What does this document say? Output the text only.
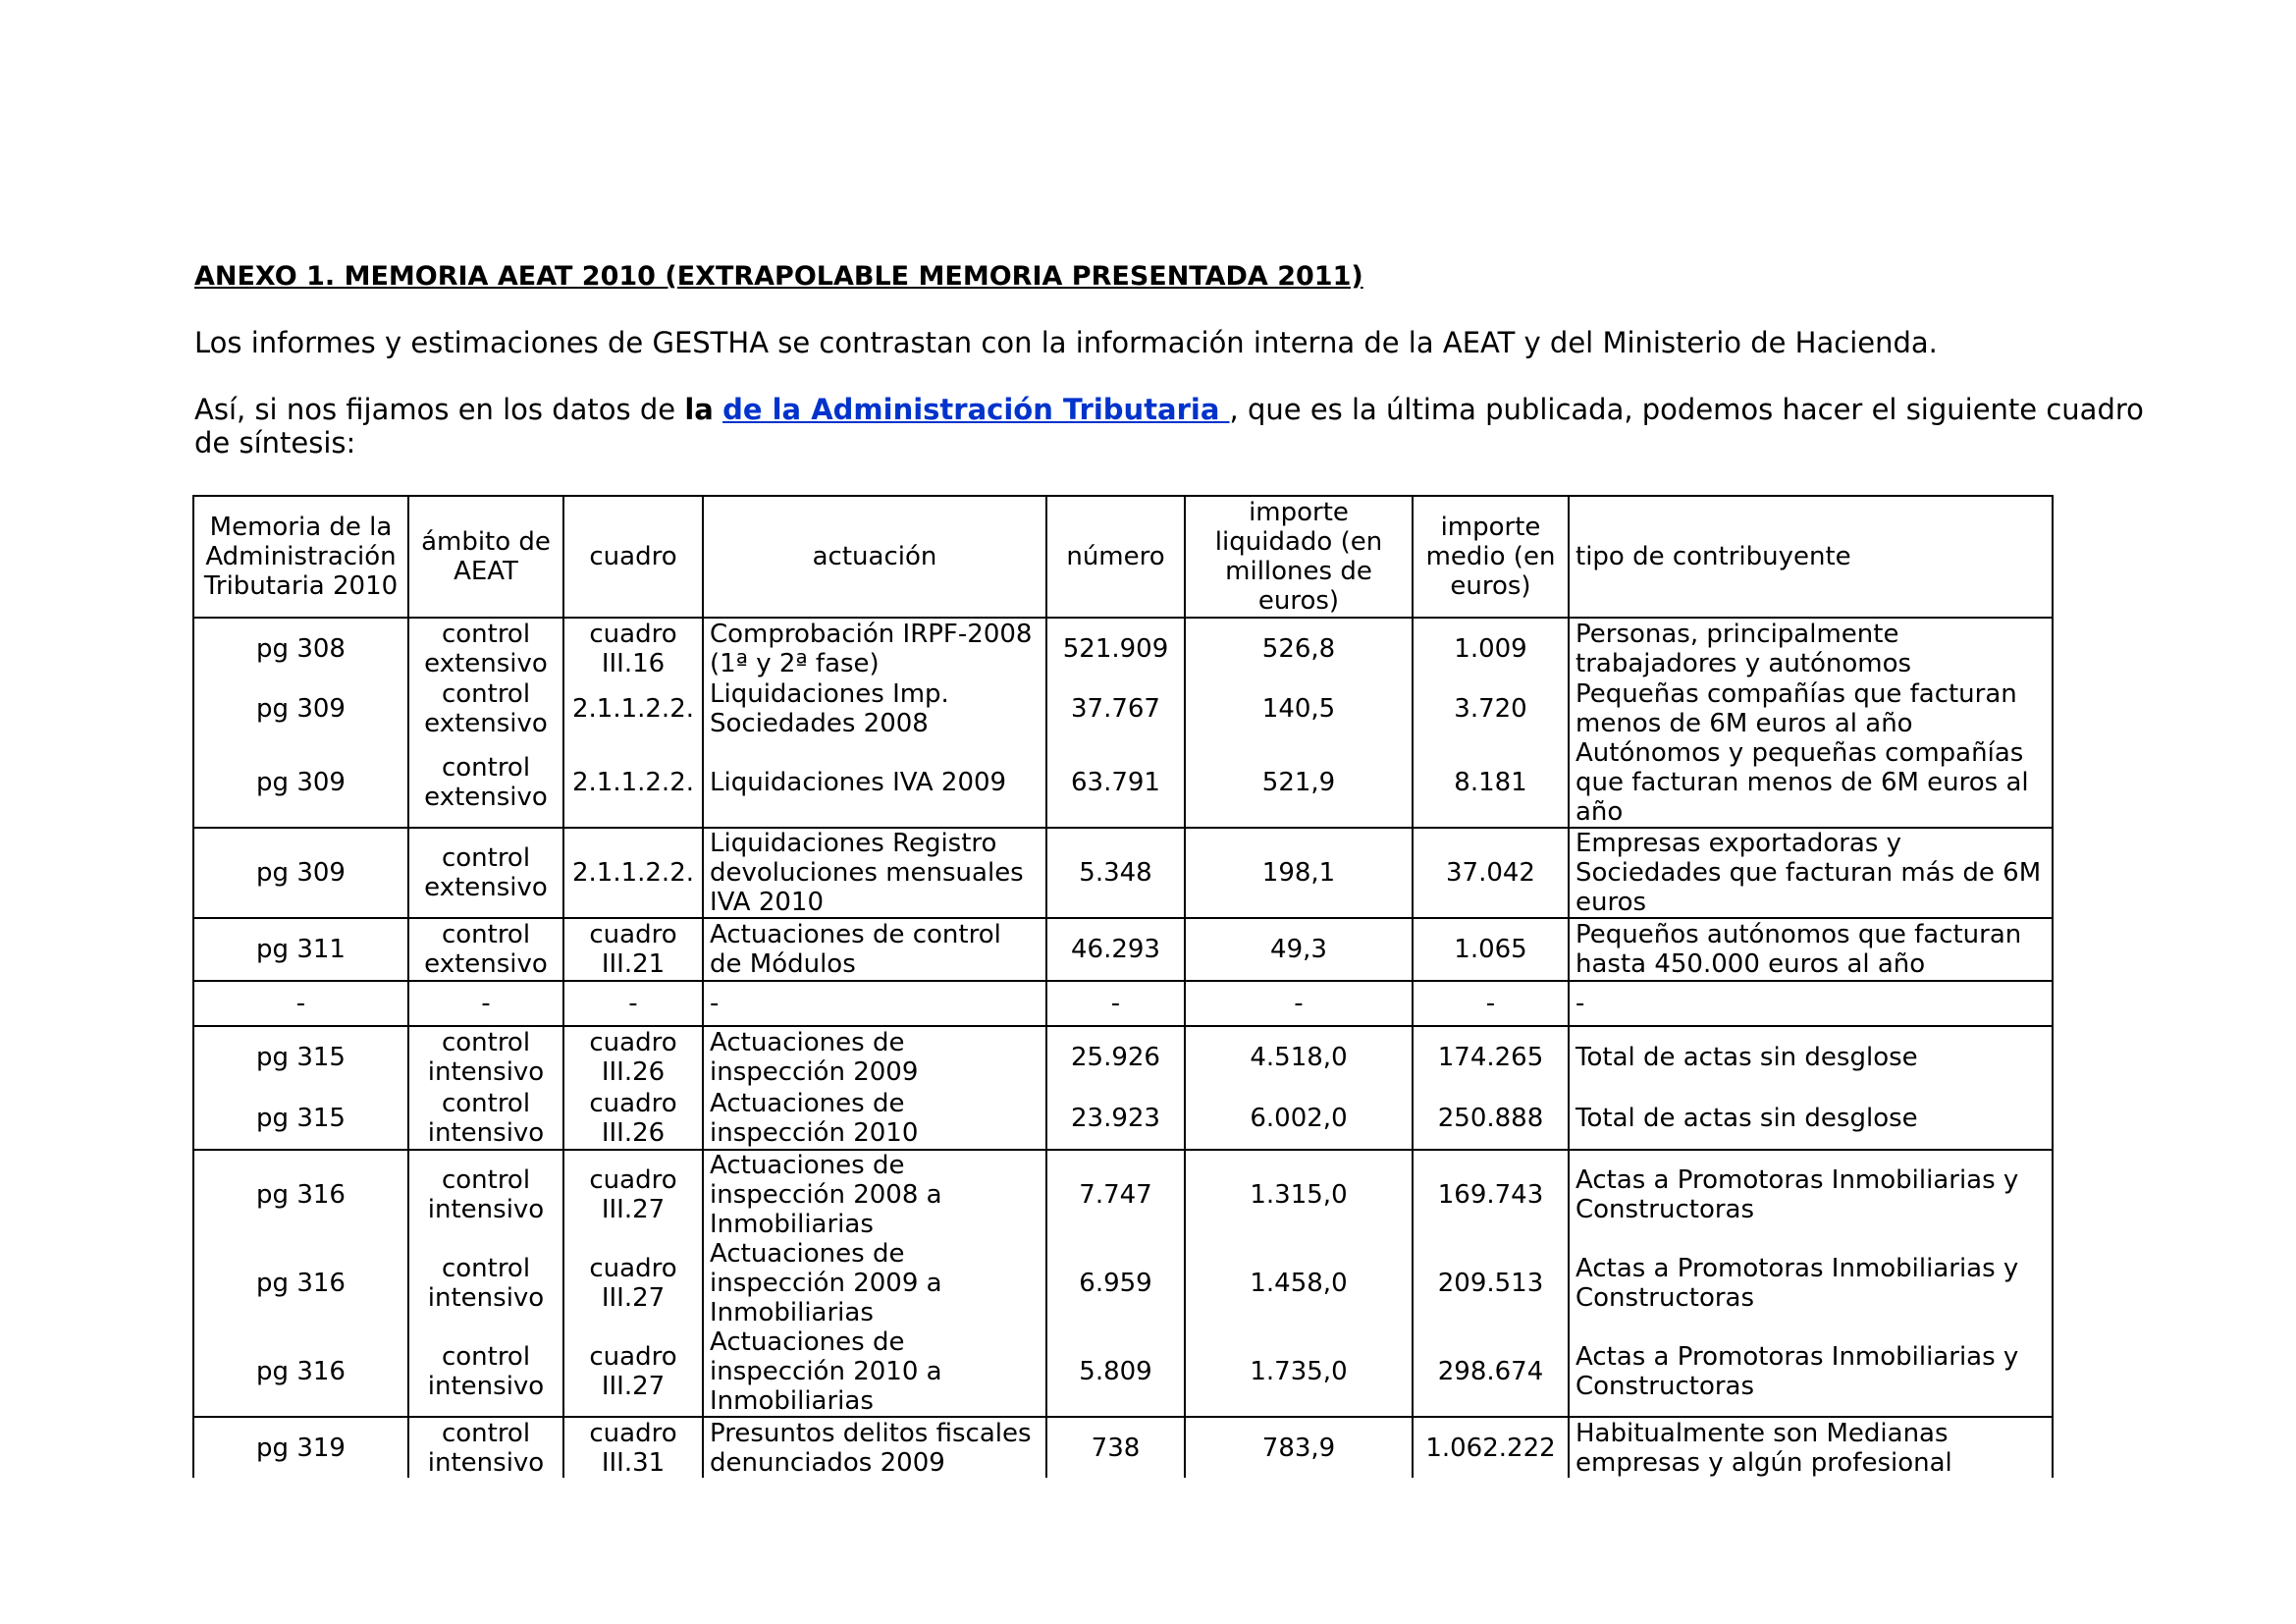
ANEXO 1. MEMORIA AEAT 2010 (EXTRAPOLABLE MEMORIA PRESENTADA 2011)
Los informes y estimaciones de GESTHA se contrastan con la información interna de la AEAT y del Ministerio de Hacienda.
Así, si nos fijamos en los datos de la de la Administración Tributaria , que es la última publicada, podemos hacer el siguiente cuadro de síntesis:
Memoria de la Administración Tributaria 2010	ámbito de AEAT	cuadro	actuación	número	importe liquidado (en millones de euros)	importe medio (en euros)	tipo de contribuyente
pg 308	control extensivo	cuadro III.16	Comprobación IRPF-2008 (1ª y 2ª fase)	521.909	526,8	1.009	Personas, principalmente trabajadores y autónomos
pg 309	control extensivo	2.1.1.2.2.	Liquidaciones Imp. Sociedades 2008	37.767	140,5	3.720	Pequeñas compañías que facturan menos de 6M euros al año
pg 309	control extensivo	2.1.1.2.2.	Liquidaciones IVA 2009	63.791	521,9	8.181	Autónomos y pequeñas compañías que facturan menos de 6M euros al año
pg 309	control extensivo	2.1.1.2.2.	Liquidaciones Registro devoluciones mensuales IVA 2010	5.348	198,1	37.042	Empresas exportadoras y Sociedades que facturan más de 6M euros
pg 311	control extensivo	cuadro III.21	Actuaciones de control de Módulos	46.293	49,3	1.065	Pequeños autónomos que facturan hasta 450.000 euros al año
-	-	-	-	-	-	-	-
pg 315	control intensivo	cuadro III.26	Actuaciones de inspección 2009	25.926	4.518,0	174.265	Total de actas sin desglose
pg 315	control intensivo	cuadro III.26	Actuaciones de inspección 2010	23.923	6.002,0	250.888	Total de actas sin desglose
pg 316	control intensivo	cuadro III.27	Actuaciones de inspección 2008 a Inmobiliarias	7.747	1.315,0	169.743	Actas a Promotoras Inmobiliarias y Constructoras
pg 316	control intensivo	cuadro III.27	Actuaciones de inspección 2009 a Inmobiliarias	6.959	1.458,0	209.513	Actas a Promotoras Inmobiliarias y Constructoras
pg 316	control intensivo	cuadro III.27	Actuaciones de inspección 2010 a Inmobiliarias	5.809	1.735,0	298.674	Actas a Promotoras Inmobiliarias y Constructoras
pg 319	control intensivo	cuadro III.31	Presuntos delitos fiscales denunciados 2009	738	783,9	1.062.222	Habitualmente son Medianas empresas y algún profesional
